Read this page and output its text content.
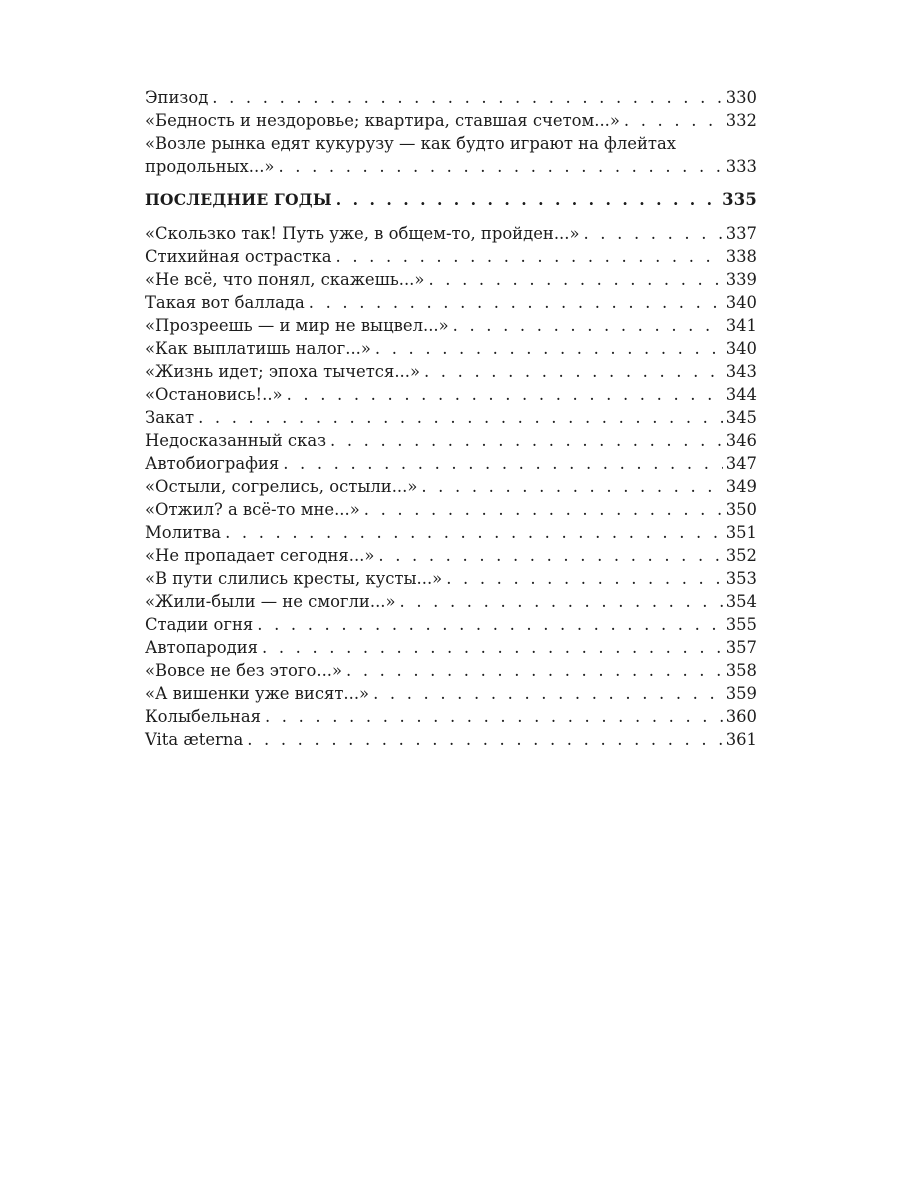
Эпизод . . .	330
«Бедность и нездоровье; квартира, ставшая счетом...» . . .	332
«Возле рынка едят кукурузу — как будто играют на флейтах
продольных...» . . .	333
ПОСЛЕДНИЕ ГОДЫ . . .	335
«Скользко так! Путь уже, в общем-то, пройден...» . . .	337
Стихийная острастка . . .	338
«Не всё, что понял, скажешь...» . . .	339
Такая вот баллада . . .	340
«Прозреешь — и мир не выцвел...» . . .	341
«Как выплатишь налог...» . . .	340
«Жизнь идет; эпоха тычется...» . . .	343
«Остановись!..» . . .	344
Закат . . .	345
Недосказанный сказ . . .	346
Автобиография . . .	347
«Остыли, согрелись, остыли...» . . .	349
«Отжил? а всё-то мне...» . . .	350
Молитва . . .	351
«Не пропадает сегодня...» . . .	352
«В пути слились кресты, кусты...» . . .	353
«Жили-были — не смогли...» . . .	354
Стадии огня . . .	355
Автопародия . . .	357
«Вовсе не без этого...» . . .	358
«А вишенки уже висят...» . . .	359
Колыбельная . . .	360
Vita æterna . . .	361
